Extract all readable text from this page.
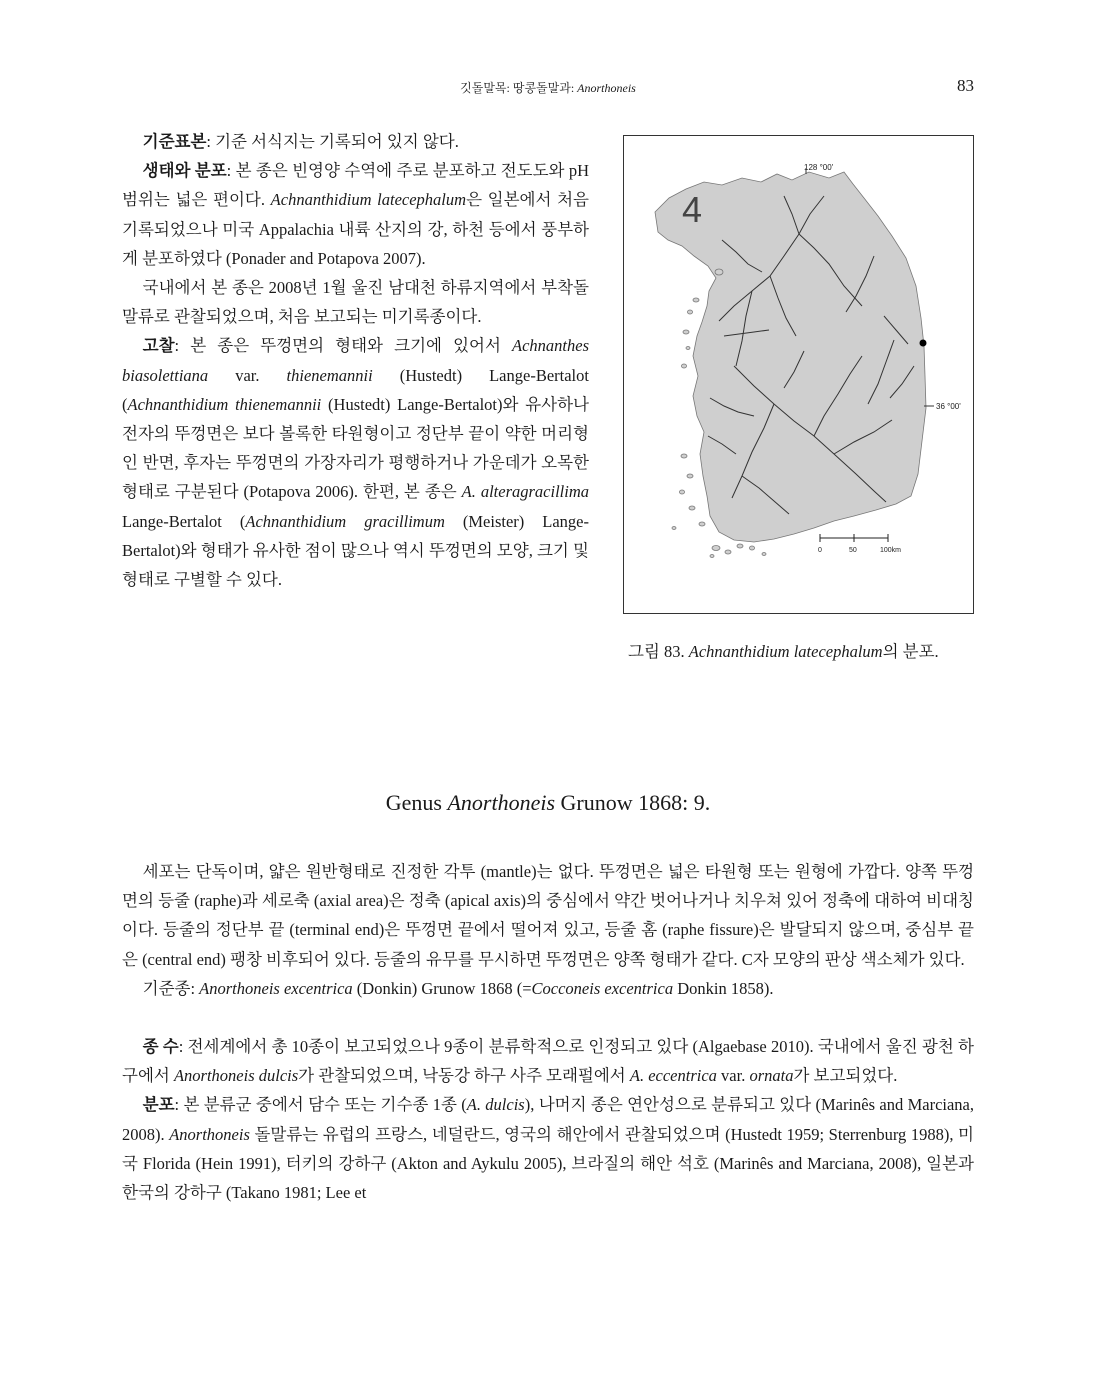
깃돌말목: 땅콩돌말과: Anorthoneis	83

기준표본: 기준 서식지는 기록되어 있지 않다.

생태와 분포: 본 종은 빈영양 수역에 주로 분포하고 전도도와 pH 범위는 넓은 편이다. Achnanthidium latecephalum은 일본에서 처음 기록되었으나 미국 Appalachia 내륙 산지의 강, 하천 등에서 풍부하게 분포하였다 (Ponader and Potapova 2007).

국내에서 본 종은 2008년 1월 울진 남대천 하류지역에서 부착돌말류로 관찰되었으며, 처음 보고되는 미기록종이다.

고찰: 본 종은 뚜껑면의 형태와 크기에 있어서 Achnanthes biasolettiana var. thienemannii (Hustedt) Lange-Bertalot (Achnanthidium thienemannii (Hustedt) Lange-Bertalot)와 유사하나 전자의 뚜껑면은 보다 볼록한 타원형이고 정단부 끝이 약한 머리형인 반면, 후자는 뚜껑면의 가장자리가 평행하거나 가운데가 오목한 형태로 구분된다 (Potapova 2006). 한편, 본 종은 A. alteragracillima Lange-Bertalot (Achnanthidium gracillimum (Meister) Lange-Bertalot)와 형태가 유사한 점이 많으나 역시 뚜껑면의 모양, 크기 및 형태로 구별할 수 있다.

128 °00'
36 °00'
4
0	50	100km
그림 83. Achnanthidium latecephalum의 분포.
Genus Anorthoneis Grunow 1868: 9.

세포는 단독이며, 얇은 원반형태로 진정한 각투 (mantle)는 없다. 뚜껑면은 넓은 타원형 또는 원형에 가깝다. 양쪽 뚜껑면의 등줄 (raphe)과 세로축 (axial area)은 정축 (apical axis)의 중심에서 약간 벗어나거나 치우쳐 있어 정축에 대하여 비대칭이다. 등줄의 정단부 끝 (terminal end)은 뚜껑면 끝에서 떨어져 있고, 등줄 홈 (raphe fissure)은 발달되지 않으며, 중심부 끝은 (central end) 팽창 비후되어 있다. 등줄의 유무를 무시하면 뚜껑면은 양쪽 형태가 같다. C자 모양의 판상 색소체가 있다.

기준종: Anorthoneis excentrica (Donkin) Grunow 1868 (=Cocconeis excentrica Donkin 1858).

종 수: 전세계에서 총 10종이 보고되었으나 9종이 분류학적으로 인정되고 있다 (Algaebase 2010). 국내에서 울진 광천 하구에서 Anorthoneis dulcis가 관찰되었으며, 낙동강 하구 사주 모래펄에서 A. eccentrica var. ornata가 보고되었다.

분포: 본 분류군 중에서 담수 또는 기수종 1종 (A. dulcis), 나머지 종은 연안성으로 분류되고 있다 (Marinês and Marciana, 2008). Anorthoneis 돌말류는 유럽의 프랑스, 네덜란드, 영국의 해안에서 관찰되었으며 (Hustedt 1959; Sterrenburg 1988), 미국 Florida (Hein 1991), 터키의 강하구 (Akton and Aykulu 2005), 브라질의 해안 석호 (Marinês and Marciana, 2008), 일본과 한국의 강하구 (Takano 1981; Lee et
